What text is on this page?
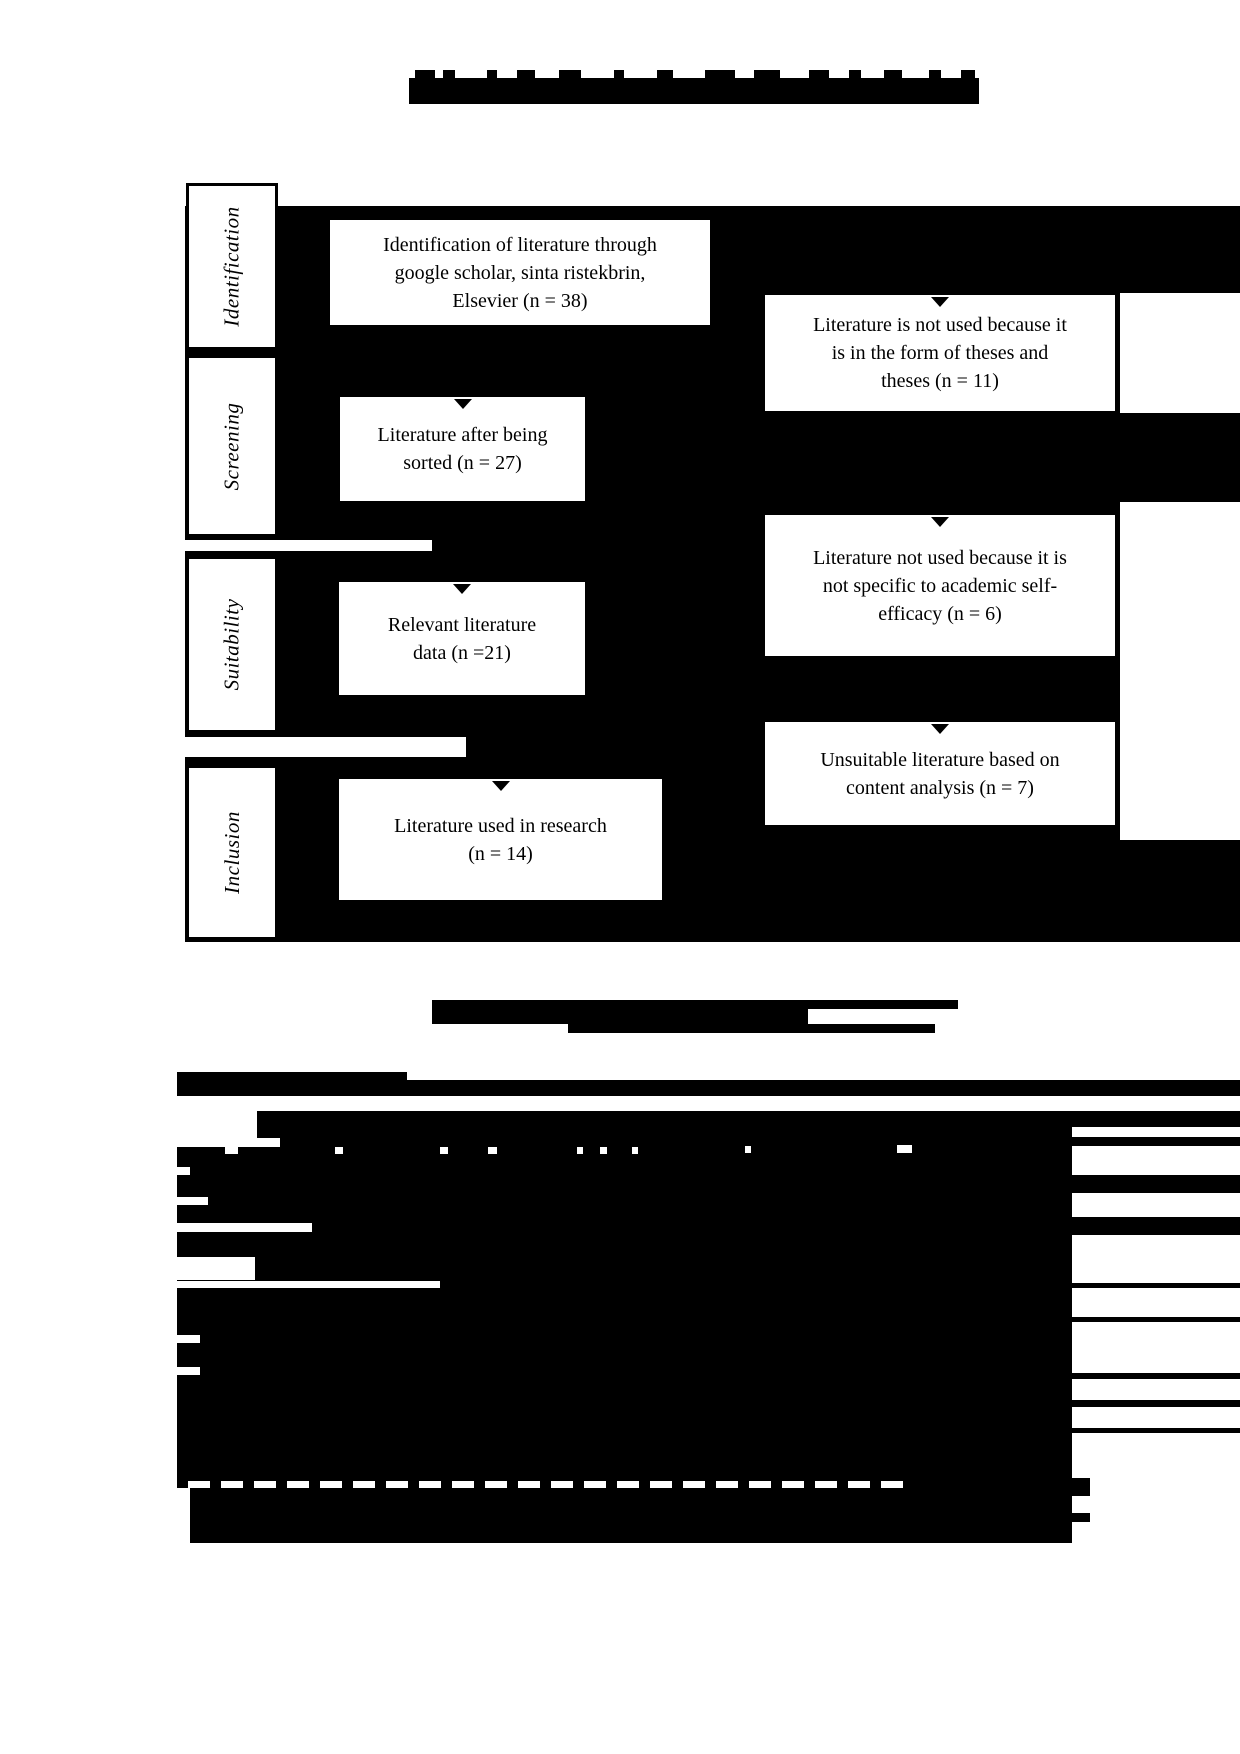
Identification
Screening
Suitability
Inclusion
Identification of literature through
google scholar, sinta ristekbrin,
Elsevier (n = 38)
Literature after being
sorted (n = 27)
Relevant literature
data (n =21)
Literature used in research
(n = 14)
Literature is not used because it
is in the form of theses and
theses (n = 11)
Literature not used because it is
not specific to academic self-
efficacy (n = 6)
Unsuitable literature based on
content analysis (n = 7)
